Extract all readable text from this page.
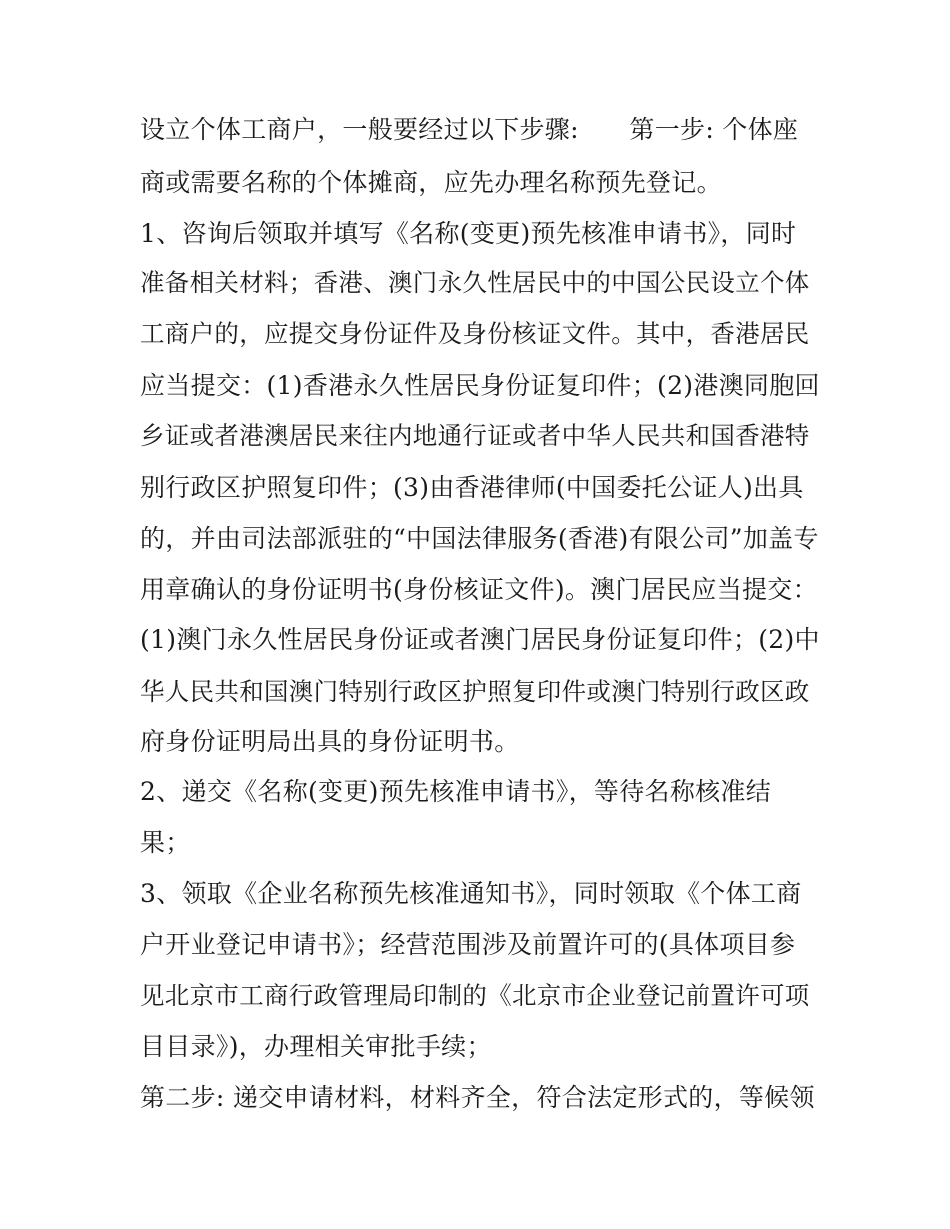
设立个体工商户，一般要经过以下步骤:　　第一步: 个体座
商或需要名称的个体摊商，应先办理名称预先登记。
1、咨询后领取并填写《名称(变更)预先核准申请书》，同时
准备相关材料；香港、澳门永久性居民中的中国公民设立个体
工商户的，应提交身份证件及身份核证文件。其中，香港居民
应当提交：(1)香港永久性居民身份证复印件；(2)港澳同胞回
乡证或者港澳居民来往内地通行证或者中华人民共和国香港特
别行政区护照复印件；(3)由香港律师(中国委托公证人)出具
的，并由司法部派驻的“中国法律服务(香港)有限公司”加盖专
用章确认的身份证明书(身份核证文件)。澳门居民应当提交：
(1)澳门永久性居民身份证或者澳门居民身份证复印件；(2)中
华人民共和国澳门特别行政区护照复印件或澳门特别行政区政
府身份证明局出具的身份证明书。
2、递交《名称(变更)预先核准申请书》，等待名称核准结
果；
3、领取《企业名称预先核准通知书》，同时领取《个体工商
户开业登记申请书》；经营范围涉及前置许可的(具体项目参
见北京市工商行政管理局印制的《北京市企业登记前置许可项
目目录》)，办理相关审批手续；
第二步: 递交申请材料，材料齐全，符合法定形式的，等候领
